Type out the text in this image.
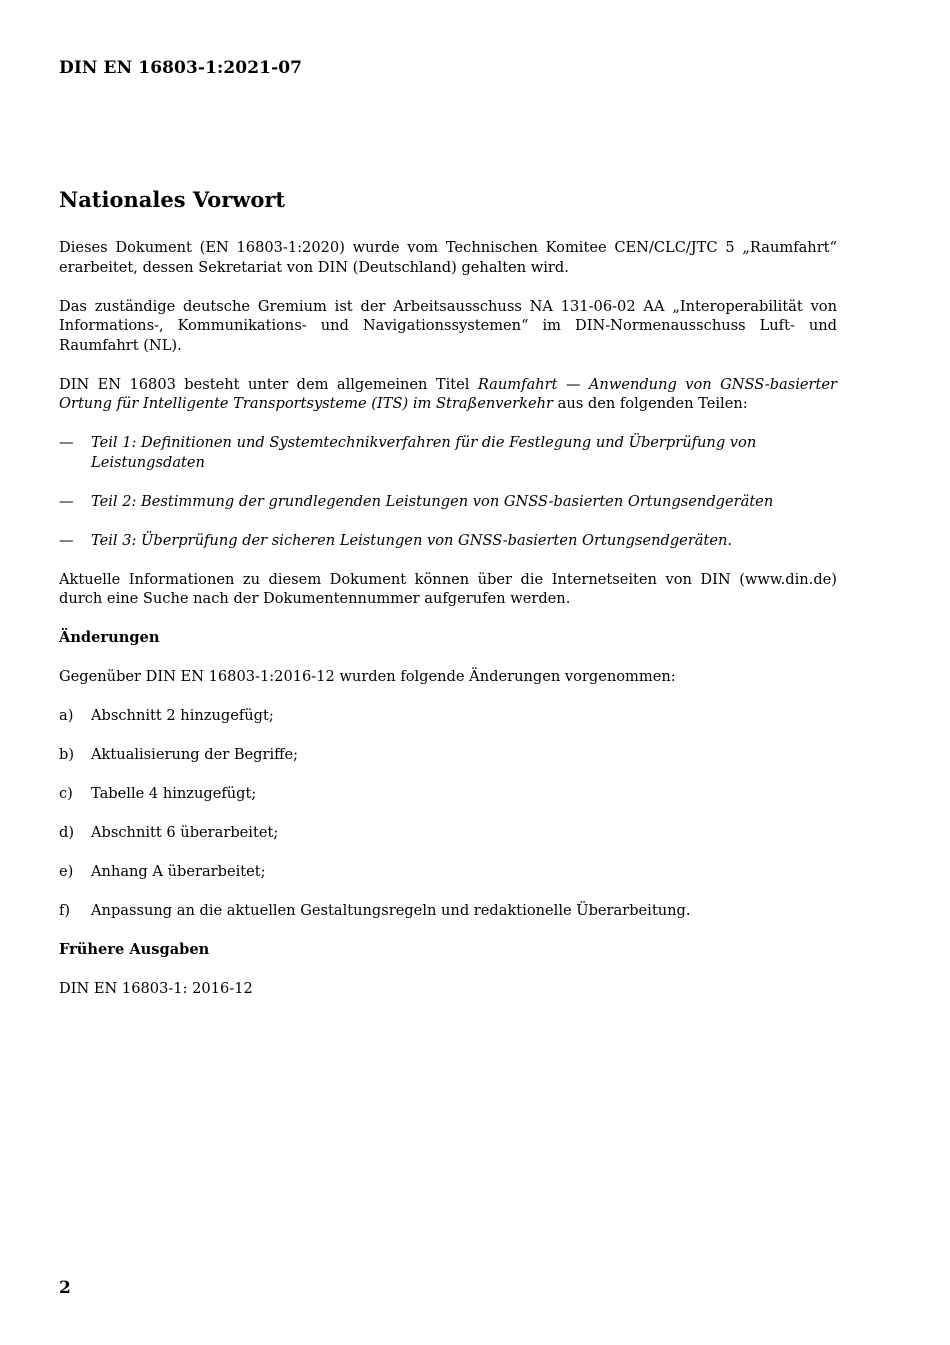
DIN EN 16803-1:2021-07
Nationales Vorwort

Dieses Dokument (EN 16803-1:2020) wurde vom Technischen Komitee CEN/CLC/JTC 5 „Raumfahrt“ erarbeitet, dessen Sekretariat von DIN (Deutschland) gehalten wird.

Das zuständige deutsche Gremium ist der Arbeitsausschuss NA 131-06-02 AA „Interoperabilität von Informations-, Kommunikations- und Navigationssystemen“ im DIN-Normenausschuss Luft- und Raumfahrt (NL).

DIN EN 16803 besteht unter dem allgemeinen Titel Raumfahrt — Anwendung von GNSS-basierter Ortung für Intelligente Transportsysteme (ITS) im Straßenverkehr aus den folgenden Teilen:

—	Teil 1: Definitionen und Systemtechnikverfahren für die Festlegung und Überprüfung von Leistungsdaten
—	Teil 2: Bestimmung der grundlegenden Leistungen von GNSS-basierten Ortungsendgeräten
—	Teil 3: Überprüfung der sicheren Leistungen von GNSS-basierten Ortungsendgeräten.

Aktuelle Informationen zu diesem Dokument können über die Internetseiten von DIN (www.din.de) durch eine Suche nach der Dokumentennummer aufgerufen werden.

Änderungen

Gegenüber DIN EN 16803-1:2016-12 wurden folgende Änderungen vorgenommen:

a)	Abschnitt 2 hinzugefügt;
b)	Aktualisierung der Begriffe;
c)	Tabelle 4 hinzugefügt;
d)	Abschnitt 6 überarbeitet;
e)	Anhang A überarbeitet;
f)	Anpassung an die aktuellen Gestaltungsregeln und redaktionelle Überarbeitung.
Frühere Ausgaben

DIN EN 16803-1: 2016-12

2
